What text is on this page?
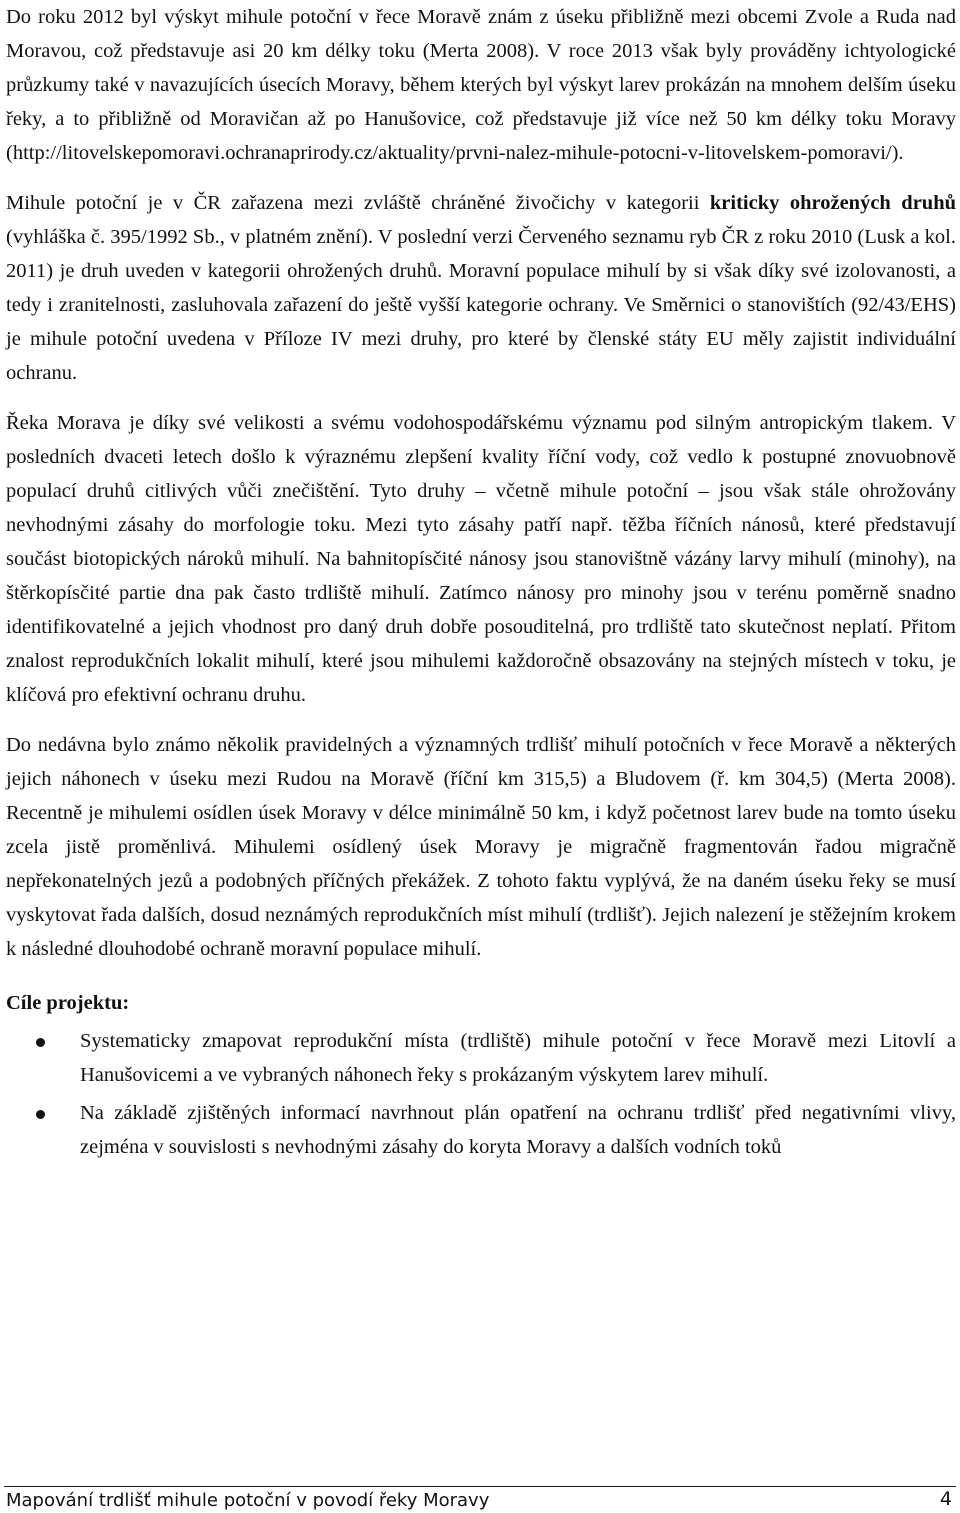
Do roku 2012 byl výskyt mihule potoční v řece Moravě znám z úseku přibližně mezi obcemi Zvole a Ruda nad Moravou, což představuje asi 20 km délky toku (Merta 2008). V roce 2013 však byly prováděny ichtyologické průzkumy také v navazujících úsecích Moravy, během kterých byl výskyt larev prokázán na mnohem delším úseku řeky, a to přibližně od Moravičan až po Hanušovice, což představuje již více než 50 km délky toku Moravy (http://litovelskepomoravi.ochranaprirody.cz/aktuality/prvni-nalez-mihule-potocni-v-litovelskem-pomoravi/).

Mihule potoční je v ČR zařazena mezi zvláště chráněné živočichy v kategorii kriticky ohrožených druhů (vyhláška č. 395/1992 Sb., v platném znění). V poslední verzi Červeného seznamu ryb ČR z roku 2010 (Lusk a kol. 2011) je druh uveden v kategorii ohrožených druhů. Moravní populace mihulí by si však díky své izolovanosti, a tedy i zranitelnosti, zasluhovala zařazení do ještě vyšší kategorie ochrany. Ve Směrnici o stanovištích (92/43/EHS) je mihule potoční uvedena v Příloze IV mezi druhy, pro které by členské státy EU měly zajistit individuální ochranu.

Řeka Morava je díky své velikosti a svému vodohospodářskému významu pod silným antropickým tlakem. V posledních dvaceti letech došlo k výraznému zlepšení kvality říční vody, což vedlo k postupné znovuobnově populací druhů citlivých vůči znečištění. Tyto druhy – včetně mihule potoční – jsou však stále ohrožovány nevhodnými zásahy do morfologie toku. Mezi tyto zásahy patří např. těžba říčních nánosů, které představují součást biotopických nároků mihulí. Na bahnitopísčité nánosy jsou stanovištně vázány larvy mihulí (minohy), na štěrkopísčité partie dna pak často trdliště mihulí. Zatímco nánosy pro minohy jsou v terénu poměrně snadno identifikovatelné a jejich vhodnost pro daný druh dobře posouditelná, pro trdliště tato skutečnost neplatí. Přitom znalost reprodukčních lokalit mihulí, které jsou mihulemi každoročně obsazovány na stejných místech v toku, je klíčová pro efektivní ochranu druhu.

Do nedávna bylo známo několik pravidelných a významných trdlišť mihulí potočních v řece Moravě a některých jejich náhonech v úseku mezi Rudou na Moravě (říční km 315,5) a Bludovem (ř. km 304,5) (Merta 2008). Recentně je mihulemi osídlen úsek Moravy v délce minimálně 50 km, i když početnost larev bude na tomto úseku zcela jistě proměnlivá. Mihulemi osídlený úsek Moravy je migračně fragmentován řadou migračně nepřekonatelných jezů a podobných příčných překážek. Z tohoto faktu vyplývá, že na daném úseku řeky se musí vyskytovat řada dalších, dosud neznámých reprodukčních míst mihulí (trdlišť). Jejich nalezení je stěžejním krokem k následné dlouhodobé ochraně moravní populace mihulí.

Cíle projektu:
Systematicky zmapovat reprodukční místa (trdliště) mihule potoční v řece Moravě mezi Litovlí a Hanušovicemi a ve vybraných náhonech řeky s prokázaným výskytem larev mihulí.
Na základě zjištěných informací navrhnout plán opatření na ochranu trdlišť před negativními vlivy, zejména v souvislosti s nevhodnými zásahy do koryta Moravy a dalších vodních toků
Mapování trdlišť mihule potoční v povodí řeky Moravy	4
